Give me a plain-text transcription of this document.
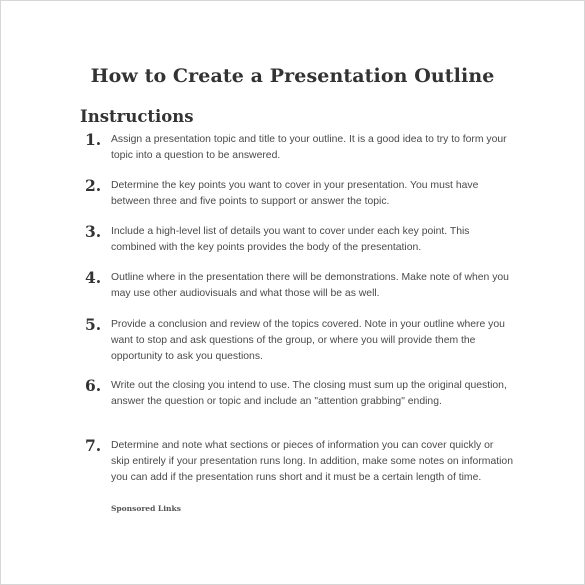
How to Create a Presentation Outline
Instructions
1. Assign a presentation topic and title to your outline. It is a good idea to try to form your topic into a question to be answered.
2. Determine the key points you want to cover in your presentation. You must have between three and five points to support or answer the topic.
3. Include a high-level list of details you want to cover under each key point. This combined with the key points provides the body of the presentation.
4. Outline where in the presentation there will be demonstrations. Make note of when you may use other audiovisuals and what those will be as well.
5. Provide a conclusion and review of the topics covered. Note in your outline where you want to stop and ask questions of the group, or where you will provide them the opportunity to ask you questions.
6. Write out the closing you intend to use. The closing must sum up the original question, answer the question or topic and include an "attention grabbing" ending.
7. Determine and note what sections or pieces of information you can cover quickly or skip entirely if your presentation runs long. In addition, make some notes on information you can add if the presentation runs short and it must be a certain length of time.
Sponsored Links
